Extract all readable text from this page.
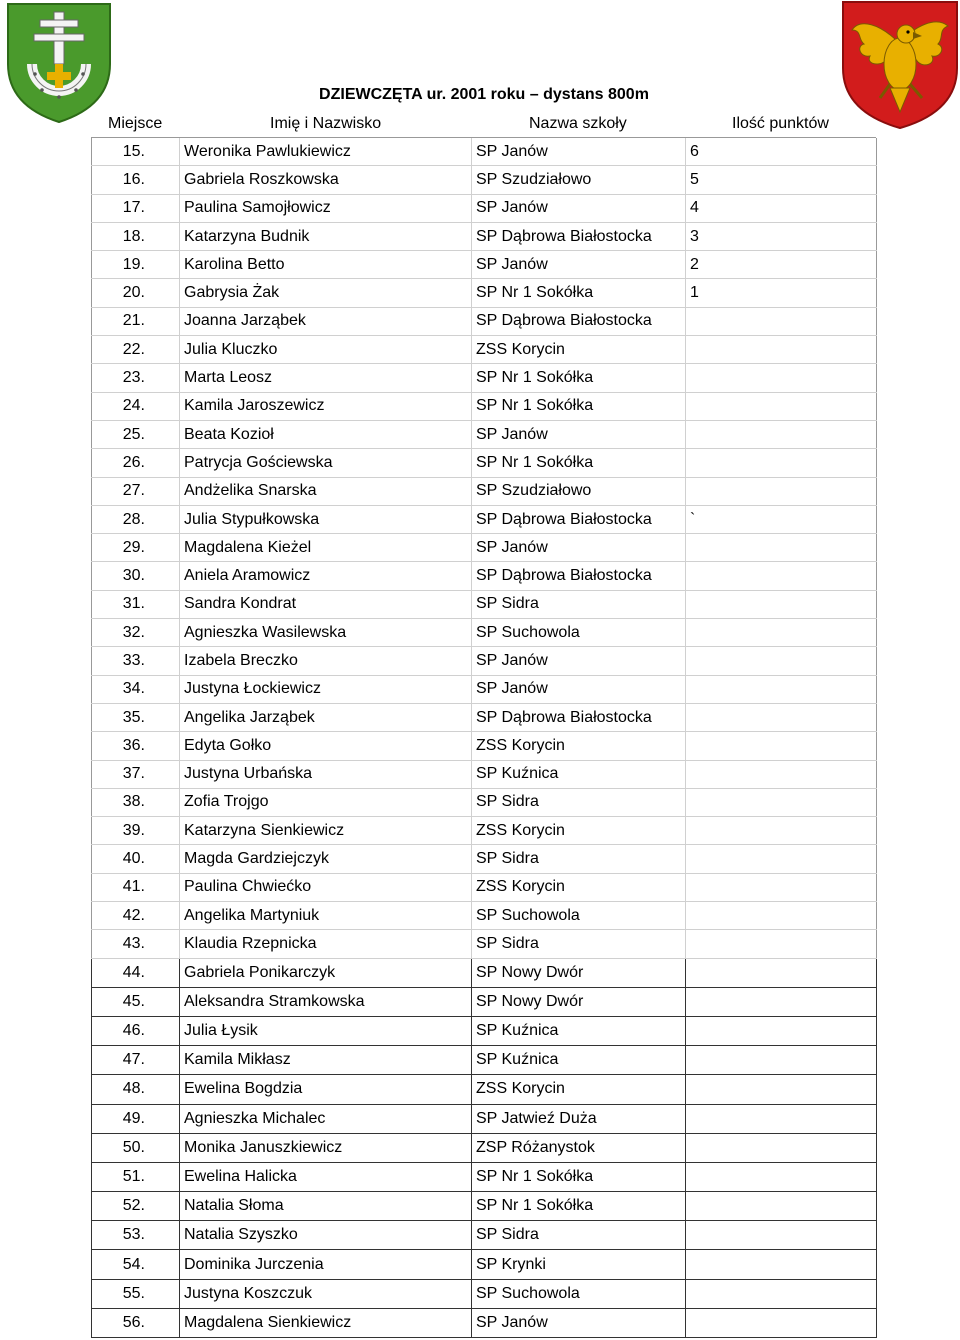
DZIEWCZĘTA ur. 2001 roku – dystans 800m
Miejsce	Imię i Nazwisko	Nazwa szkoły	Ilość punktów
15.	Weronika Pawlukiewicz	SP Janów	6
16.	Gabriela Roszkowska	SP Szudziałowo	5
17.	Paulina Samojłowicz	SP Janów	4
18.	Katarzyna Budnik	SP Dąbrowa Białostocka	3
19.	Karolina Betto	SP Janów	2
20.	Gabrysia Żak	SP Nr 1 Sokółka	1
21.	Joanna Jarząbek	SP Dąbrowa Białostocka	
22.	Julia Kluczko	ZSS Korycin	
23.	Marta Leosz	SP Nr 1 Sokółka	
24.	Kamila Jaroszewicz	SP Nr 1 Sokółka	
25.	Beata Kozioł	SP Janów	
26.	Patrycja Gościewska	SP Nr 1 Sokółka	
27.	Andżelika Snarska	SP Szudziałowo	
28.	Julia Stypułkowska	SP Dąbrowa Białostocka	`
29.	Magdalena Kieżel	SP Janów	
30.	Aniela Aramowicz	SP Dąbrowa Białostocka	
31.	Sandra Kondrat	SP Sidra	
32.	Agnieszka Wasilewska	SP Suchowola	
33.	Izabela Breczko	SP Janów	
34.	Justyna Łockiewicz	SP Janów	
35.	Angelika Jarząbek	SP Dąbrowa Białostocka	
36.	Edyta Gołko	ZSS Korycin	
37.	Justyna Urbańska	SP Kuźnica	
38.	Zofia Trojgo	SP Sidra	
39.	Katarzyna Sienkiewicz	ZSS Korycin	
40.	Magda Gardziejczyk	SP Sidra	
41.	Paulina Chwiećko	ZSS Korycin	
42.	Angelika Martyniuk	SP Suchowola	
43.	Klaudia Rzepnicka	SP Sidra	
44.	Gabriela Ponikarczyk	SP Nowy Dwór	
45.	Aleksandra Stramkowska	SP Nowy Dwór	
46.	Julia Łysik	SP Kuźnica	
47.	Kamila Mikłasz	SP Kuźnica	
48.	Ewelina Bogdzia	ZSS Korycin	
49.	Agnieszka Michalec	SP Jatwieź Duża	
50.	Monika Januszkiewicz	ZSP Różanystok	
51.	Ewelina Halicka	SP Nr 1 Sokółka	
52.	Natalia Słoma	SP Nr 1 Sokółka	
53.	Natalia Szyszko	SP Sidra	
54.	Dominika Jurczenia	SP Krynki	
55.	Justyna Koszczuk	SP Suchowola	
56.	Magdalena Sienkiewicz	SP Janów	
